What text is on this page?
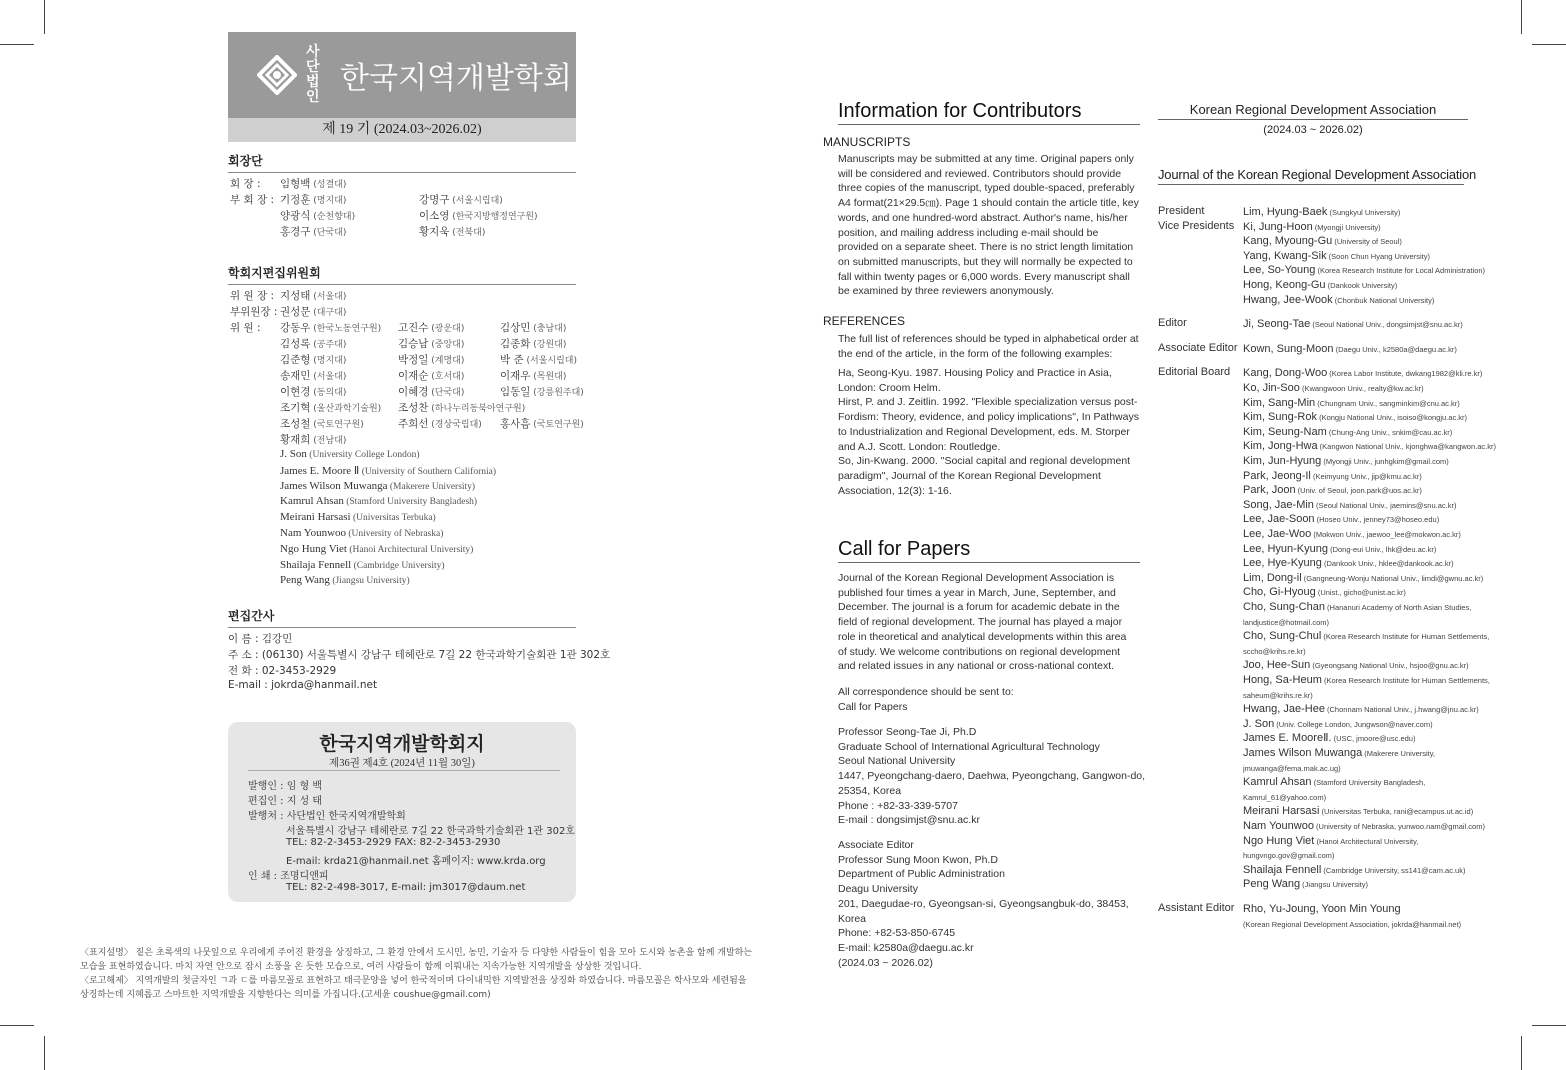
사단법인
한국지역개발학회
제 19 기 (2024.03~2026.02)
회장단
회 장 : 임형백 (성결대)
부 회 장 : 기정훈 (명지대)	강명구 (서울시립대)
양광식 (순천향대)	이소영 (한국지방행정연구원)
홍경구 (단국대)	황지욱 (전북대)
학회지편집위원회
위 원 장 : 지성태 (서울대)
부위원장 : 권성문 (대구대)
위 원 : 강동우 (한국노동연구원) 고진수 (광운대)	김상민 (충남대)
김성록 (공주대)	김승남 (중앙대)	김종화 (강원대)
김준형 (명지대)	박정일 (계명대)	박 준 (서울시립대)
송재민 (서울대)	이재순 (호서대)	이재우 (목원대)
이현경 (동의대)	이혜경 (단국대)	임동일 (강릉원주대)
조기혁 (울산과학기술원) 조성찬 (하나누리동북아연구원)
조성철 (국토연구원)	주희선 (경상국립대) 홍사흠 (국토연구원)
황재희 (전남대)
J. Son (University College London)
James E. Moore Ⅱ (University of Southern California)
James Wilson Muwanga (Makerere University)
Kamrul Ahsan (Stamford University Bangladesh)
Meirani Harsasi (Universitas Terbuka)
Nam Younwoo (University of Nebraska)
Ngo Hung Viet (Hanoi Architectural University)
Shailaja Fennell (Cambridge University)
Peng Wang (Jiangsu University)
편집간사
이 름 : 김강민
주 소 : (06130) 서울특별시 강남구 테헤란로 7길 22 한국과학기술회관 1관 302호
전 화 : 02-3453-2929
E-mail : jokrda@hanmail.net
한국지역개발학회지
제36권 제4호 (2024년 11월 30일)
발행인 : 임 형 백
편집인 : 지 성 태
발행처 : 사단법인 한국지역개발학회
서울특별시 강남구 테헤란로 7길 22 한국과학기술회관 1관 302호
TEL: 82-2-3453-2929 FAX: 82-2-3453-2930
E-mail: krda21@hanmail.net 홈페이지: www.krda.org
인 쇄 : 조명디앤피
TEL: 82-2-498-3017, E-mail: jm3017@daum.net
〈표지설명〉 짙은 초록색의 나뭇잎으로 우리에게 주어진 환경을 상징하고, 그 환경 안에서 도시민, 농민, 기술자 등 다양한 사람들이 힘을 모아 도시와 농촌을 함께 개발하는
모습을 표현하였습니다. 마치 자연 안으로 잠시 소풍을 온 듯한 모습으로, 여러 사람들이 함께 이뤄내는 지속가능한 지역개발을 상상한 것입니다.
〈로고해제〉 지역개발의 첫글자인 ㄱ과 ㄷ를 마름모꼴로 표현하고 태극문양을 넣어 한국적이며 다이내믹한 지역발전을 상징화 하였습니다. 마름모꼴은 학사모와 세련됨을
상징하는데 지혜롭고 스마트한 지역개발을 지향한다는 의미를 가집니다.(고세윤 coushue@gmail.com)
Information for Contributors
MANUSCRIPTS
Manuscripts may be submitted at any time. Original papers only
will be considered and reviewed. Contributors should provide
three copies of the manuscript, typed double-spaced, preferably
A4 format(21×29.5㎝). Page 1 should contain the article title, key
words, and one hundred-word abstract. Author's name, his/her
position, and mailing address including e-mail should be
provided on a separate sheet. There is no strict length limitation
on submitted manuscripts, but they will normally be expected to
fall within twenty pages or 6,000 words. Every manuscript shall
be examined by three reviewers anonymously.
REFERENCES
The full list of references should be typed in alphabetical order at
the end of the article, in the form of the following examples:
Ha, Seong-Kyu. 1987. Housing Policy and Practice in Asia,
London: Croom Helm.
Hirst, P. and J. Zeitlin. 1992. "Flexible specialization versus post-
Fordism: Theory, evidence, and policy implications", In Pathways
to Industrialization and Regional Development, eds. M. Storper
and A.J. Scott. London: Routledge.
So, Jin-Kwang. 2000. "Social capital and regional development
paradigm", Journal of the Korean Regional Development
Association, 12(3): 1-16.
Call for Papers
Journal of the Korean Regional Development Association is
published four times a year in March, June, September, and
December. The journal is a forum for academic debate in the
field of regional development. The journal has played a major
role in theoretical and analytical developments within this area
of study. We welcome contributions on regional development
and related issues in any national or cross-national context.
All correspondence should be sent to:
Call for Papers
Professor Seong-Tae Ji, Ph.D
Graduate School of International Agricultural Technology
Seoul National University
1447, Pyeongchang-daero, Daehwa, Pyeongchang, Gangwon-do,
25354, Korea
Phone : +82-33-339-5707
E-mail : dongsimjst@snu.ac.kr
Associate Editor
Professor Sung Moon Kwon, Ph.D
Department of Public Administration
Deagu University
201, Daegudae-ro, Gyeongsan-si, Gyeongsangbuk-do, 38453,
Korea
Phone: +82-53-850-6745
E-mail: k2580a@daegu.ac.kr
(2024.03 ~ 2026.02)
Korean Regional Development Association
(2024.03 ~ 2026.02)
Journal of the Korean Regional Development Association
President	Lim, Hyung-Baek (Sungkyul University)
Vice Presidents Ki, Jung-Hoon (Myongji University)
Kang, Myoung-Gu (University of Seoul)
Yang, Kwang-Sik (Soon Chun Hyang University)
Lee, So-Young (Korea Research Institute for Local Administration)
Hong, Keong-Gu (Dankook University)
Hwang, Jee-Wook (Chonbuk National University)
Editor	Ji, Seong-Tae (Seoul National Univ., dongsimjst@snu.ac.kr)
Associate Editor Kown, Sung-Moon (Daegu Univ., k2580a@daegu.ac.kr)
Editorial Board Kang, Dong-Woo (Korea Labor Institute, dwkang1982@kli.re.kr)
Ko, Jin-Soo (Kwangwoon Univ., realty@kw.ac.kr)
Kim, Sang-Min (Chungnam Univ., sangminkim@cnu.ac.kr)
Kim, Sung-Rok (Kongju National Univ., isoiso@kongju.ac.kr)
Kim, Seung-Nam (Chung-Ang Univ., snkim@cau.ac.kr)
Kim, Jong-Hwa (Kangwon National Univ., kjonghwa@kangwon.ac.kr)
Kim, Jun-Hyung (Myongji Univ., junhgkim@gmail.com)
Park, Jeong-Il (Keimyung Univ., jip@kmu.ac.kr)
Park, Joon (Univ. of Seoul, joon.park@uos.ac.kr)
Song, Jae-Min (Seoul National Univ., jaemins@snu.ac.kr)
Lee, Jae-Soon (Hoseo Univ., jenney73@hoseo.edu)
Lee, Jae-Woo (Mokwon Univ., jaewoo_lee@mokwon.ac.kr)
Lee, Hyun-Kyung (Dong-eui Univ., lhk@deu.ac.kr)
Lee, Hye-Kyung (Dankook Univ., hklee@dankook.ac.kr)
Lim, Dong-il (Gangneung-Wonju National Univ., limdi@gwnu.ac.kr)
Cho, Gi-Hyoug (Unist., gicho@unist.ac.kr)
Cho, Sung-Chan (Hananuri Academy of North Asian Studies,
landjustice@hotmail.com)
Cho, Sung-Chul (Korea Research Institute for Human Settlements,
sccho@krihs.re.kr)
Joo, Hee-Sun (Gyeongsang National Univ., hsjoo@gnu.ac.kr)
Hong, Sa-Heum (Korea Research Institute for Human Settlements,
saheum@krihs.re.kr)
Hwang, Jae-Hee (Chonnam National Univ., j.hwang@jnu.ac.kr)
J. Son (Univ. College London, Jungwson@naver.com)
James E. MooreⅡ. (USC, jmoore@usc.edu)
James Wilson Muwanga (Makerere University,
jmuwanga@fema.mak.ac.ug)
Kamrul Ahsan (Stamford University Bangladesh,
Kamrul_61@yahoo.com)
Meirani Harsasi (Universitas Terbuka, rani@ecampus.ut.ac.id)
Nam Younwoo (University of Nebraska, yunwoo.nam@gmail.com)
Ngo Hung Viet (Hanoi Architectural University,
hungvngo.gov@gmail.com)
Shailaja Fennell (Cambridge University, ss141@cam.ac.uk)
Peng Wang (Jiangsu University)
Assistant Editor Rho, Yu-Joung, Yoon Min Young
(Korean Regional Development Association, jokrda@hanmail.net)
